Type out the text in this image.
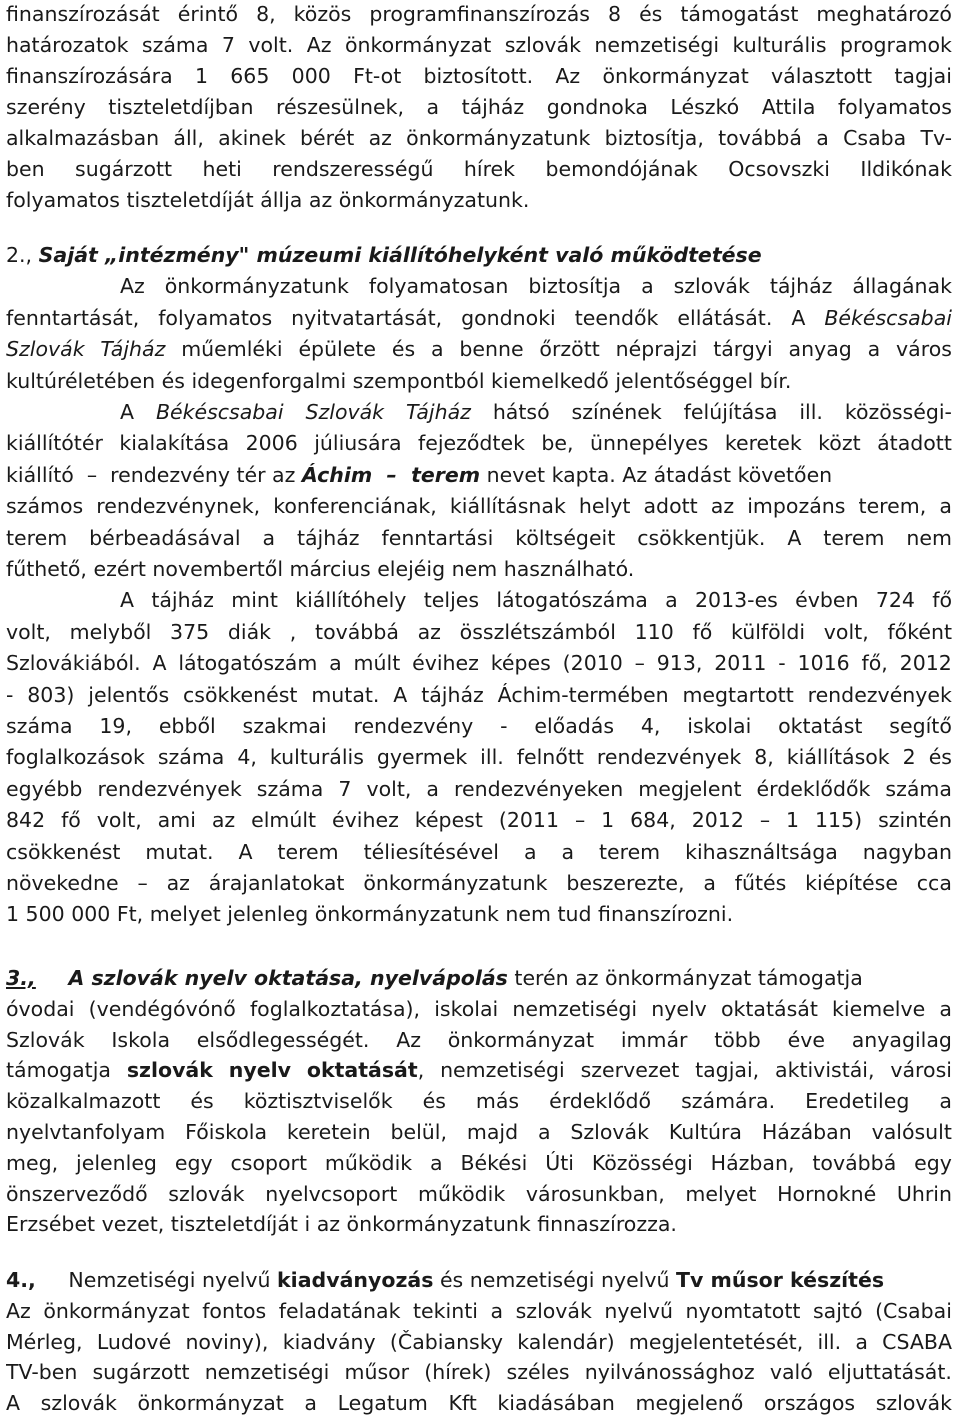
finanszírozását érintő 8, közös programfinanszírozás 8 és támogatást meghatározó
határozatok száma 7 volt. Az önkormányzat szlovák nemzetiségi kulturális programok
finanszírozására 1 665 000 Ft-ot biztosított. Az önkormányzat választott tagjai
szerény tiszteletdíjban részesülnek, a tájház gondnoka Lészkó Attila folyamatos
alkalmazásban áll, akinek bérét az önkormányzatunk biztosítja, továbbá a Csaba Tv-
ben sugárzott heti rendszerességű hírek bemondójának Ocsovszki Ildikónak
folyamatos tiszteletdíját állja az önkormányzatunk.
2., Saját „intézmény" múzeumi kiállítóhelyként való működtetése
Az önkormányzatunk folyamatosan biztosítja a szlovák tájház állagának
fenntartását, folyamatos nyitvatartását, gondnoki teendők ellátását. A Békéscsabai
Szlovák Tájház műemléki épülete és a benne őrzött néprajzi tárgyi anyag a város
kultúréletében és idegenforgalmi szempontból kiemelkedő jelentőséggel bír.
A Békéscsabai Szlovák Tájház hátsó színének felújítása ill. közösségi-
kiállítótér kialakítása 2006 júliusára fejeződtek be, ünnepélyes keretek közt átadott
kiállító  –  rendezvény tér az Áchim  –  terem nevet kapta. Az átadást követően
számos rendezvénynek, konferenciának, kiállításnak helyt adott az impozáns terem, a
terem bérbeadásával a tájház fenntartási költségeit csökkentjük. A terem nem
fűthető, ezért novembertől március elejéig nem használható.
A tájház mint kiállítóhely teljes látogatószáma a 2013-es évben 724 fő
volt, melyből 375 diák , továbbá az összlétszámból 110 fő külföldi volt, főként
Szlovákiából. A látogatószám a múlt évihez képes (2010 – 913, 2011 - 1016 fő, 2012
- 803) jelentős csökkenést mutat. A tájház Áchim-termében megtartott rendezvények
száma 19, ebből szakmai rendezvény - előadás 4, iskolai oktatást segítő
foglalkozások száma 4, kulturális gyermek ill. felnőtt rendezvények 8, kiállítások 2 és
egyébb rendezvények száma 7 volt, a rendezvényeken megjelent érdeklődők száma
842 fő volt, ami az elmúlt évihez képest (2011 – 1 684, 2012 – 1 115) szintén
csökkenést mutat. A terem téliesítésével a a terem kihasználtsága nagyban
növekedne – az árajanlatokat önkormányzatunk beszerezte, a fűtés kiépítése cca
1 500 000 Ft, melyet jelenleg önkormányzatunk nem tud finanszírozni.
3., A szlovák nyelv oktatása, nyelvápolás terén az önkormányzat támogatja
óvodai (vendégóvónő foglalkoztatása), iskolai nemzetiségi nyelv oktatását kiemelve a
Szlovák Iskola elsődlegességét. Az önkormányzat immár több éve anyagilag
támogatja szlovák nyelv oktatását, nemzetiségi szervezet tagjai, aktivistái, városi
közalkalmazott és köztisztviselők és más érdeklődő számára. Eredetileg a
nyelvtanfolyam Főiskola keretein belül, majd a Szlovák Kultúra Házában valósult
meg, jelenleg egy csoport működik a Békési Úti Közösségi Házban, továbbá egy
önszerveződő szlovák nyelvcsoport működik városunkban, melyet Hornokné Uhrin
Erzsébet vezet, tiszteletdíját i az önkormányzatunk finnaszírozza.
4.,     Nemzetiségi nyelvű kiadványozás és nemzetiségi nyelvű Tv műsor készítés
Az önkormányzat fontos feladatának tekinti a szlovák nyelvű nyomtatott sajtó (Csabai
Mérleg, Ludové noviny), kiadvány (Čabiansky kalendár) megjelentetését, ill. a CSABA
TV-ben sugárzott nemzetiségi műsor (hírek) széles nyilvánossághoz való eljuttatását.
A szlovák önkormányzat a Legatum Kft kiadásában megjelenő országos szlovák
